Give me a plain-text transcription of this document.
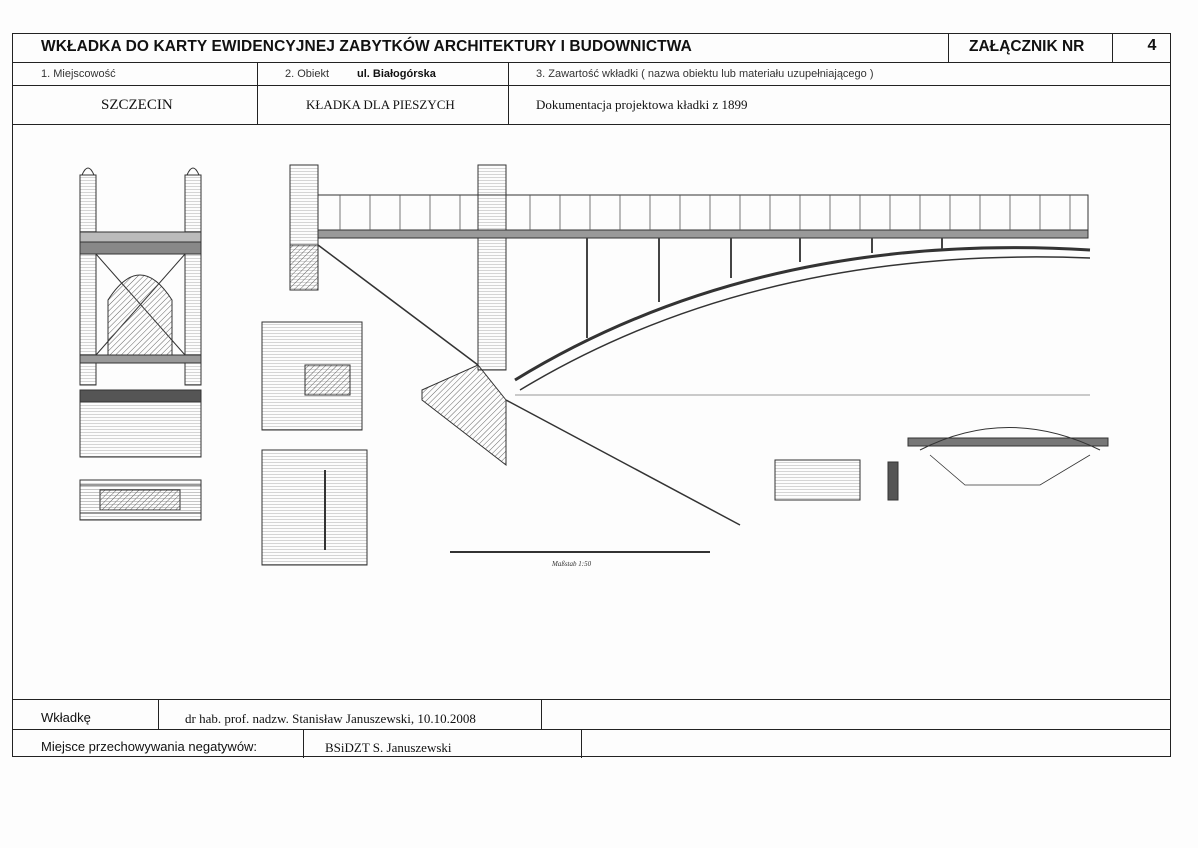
WKŁADKA DO KARTY EWIDENCYJNEJ ZABYTKÓW ARCHITEKTURY I BUDOWNICTWA	ZAŁĄCZNIK NR	4
1. Miejscowość	2. Obiekt	ul. Białogórska	3. Zawartość wkładki ( nazwa obiektu lub materiału uzupełniającego )
SZCZECIN	KŁADKA DLA PIESZYCH	Dokumentacja projektowa kładki z 1899
Wkładkę	dr hab. prof. nadzw. Stanisław Januszewski, 10.10.2008
Miejsce przechowywania negatywów:	BSiDZT S. Januszewski
Maßstab 1:50
